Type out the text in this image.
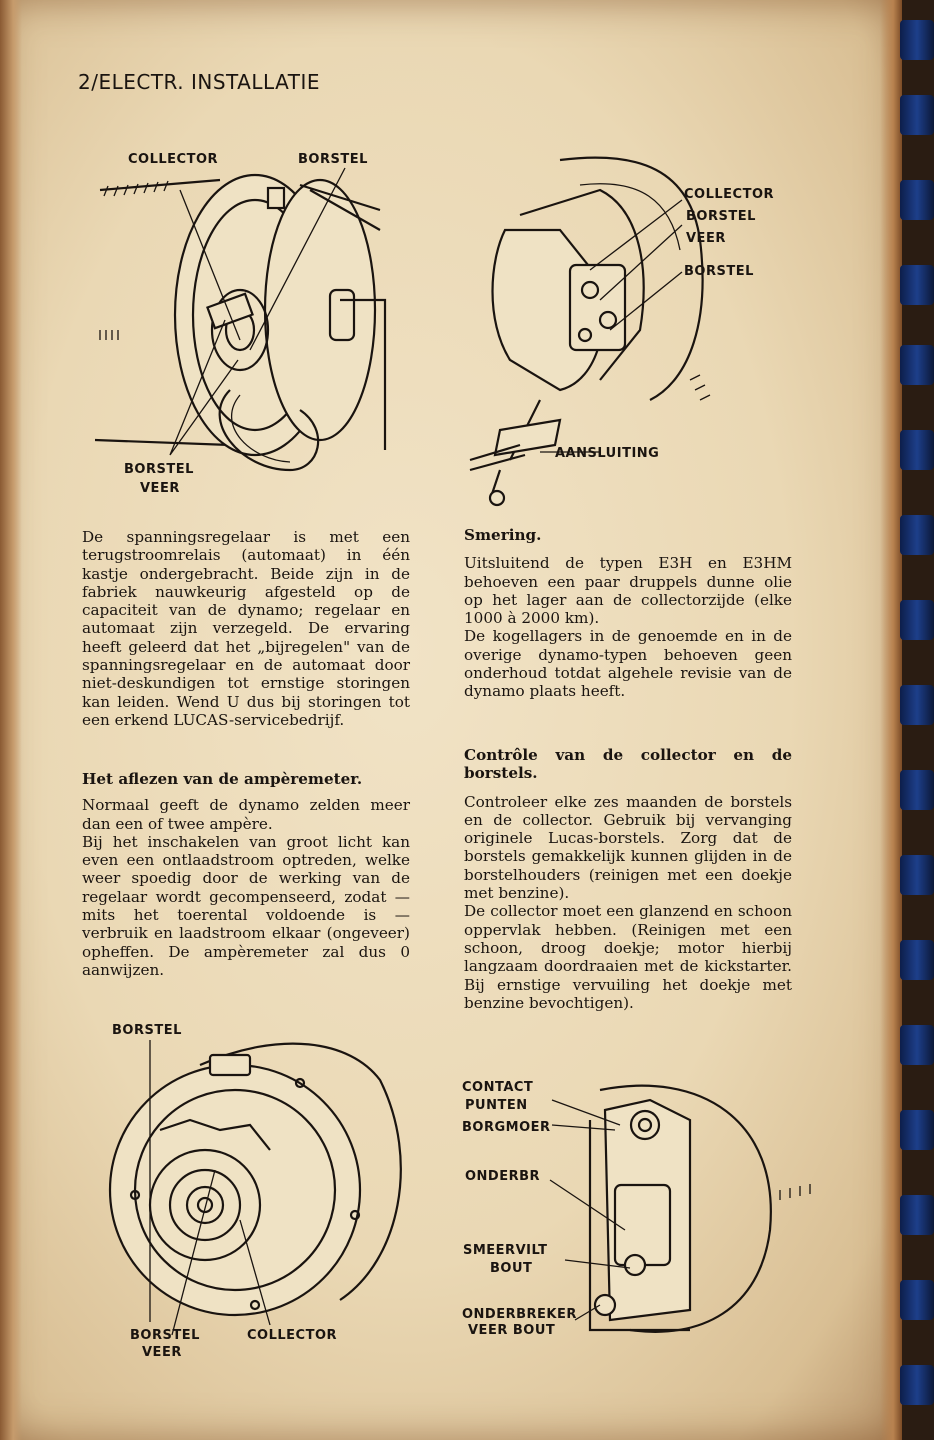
2/ELECTR. INSTALLATIE
COLLECTOR	BORSTEL
BORSTEL
VEER
COLLECTOR
BORSTEL
VEER
BORSTEL
AANSLUITING
BORSTEL
BORSTEL
VEER
COLLECTOR
CONTACT
PUNTEN
BORGMOER
ONDERBR
SMEERVILT
BOUT
ONDERBREKER
VEER BOUT

De spanningsregelaar is met een terugstroomrelais (automaat) in één kastje ondergebracht. Beide zijn in de fabriek nauwkeurig afgesteld op de capaciteit van de dynamo; regelaar en automaat zijn verzegeld. De ervaring heeft geleerd dat het „bijregelen" van de spanningsregelaar en de automaat door niet-deskundigen tot ernstige storingen kan leiden. Wend U dus bij storingen tot een erkend LUCAS-servicebedrijf.

Het aflezen van de ampèremeter.

Normaal geeft de dynamo zelden meer dan een of twee ampère.

Bij het inschakelen van groot licht kan even een ontlaadstroom optreden, welke weer spoedig door de werking van de regelaar wordt gecompenseerd, zodat — mits het toerental voldoende is — verbruik en laadstroom elkaar (ongeveer) opheffen. De ampèremeter zal dus 0 aanwijzen.

Smering.

Uitsluitend de typen E3H en E3HM behoeven een paar druppels dunne olie op het lager aan de collectorzijde (elke 1000 à 2000 km).

De kogellagers in de genoemde en in de overige dynamo-typen behoeven geen onderhoud totdat algehele revisie van de dynamo plaats heeft.

Contrôle van de collector en de borstels.

Controleer elke zes maanden de borstels en de collector. Gebruik bij vervanging originele Lucas-borstels. Zorg dat de borstels gemakkelijk kunnen glijden in de borstelhouders (reinigen met een doekje met benzine).

De collector moet een glanzend en schoon oppervlak hebben. (Reinigen met een schoon, droog doekje; motor hierbij langzaam doordraaien met de kickstarter. Bij ernstige vervuiling het doekje met benzine bevochtigen).
